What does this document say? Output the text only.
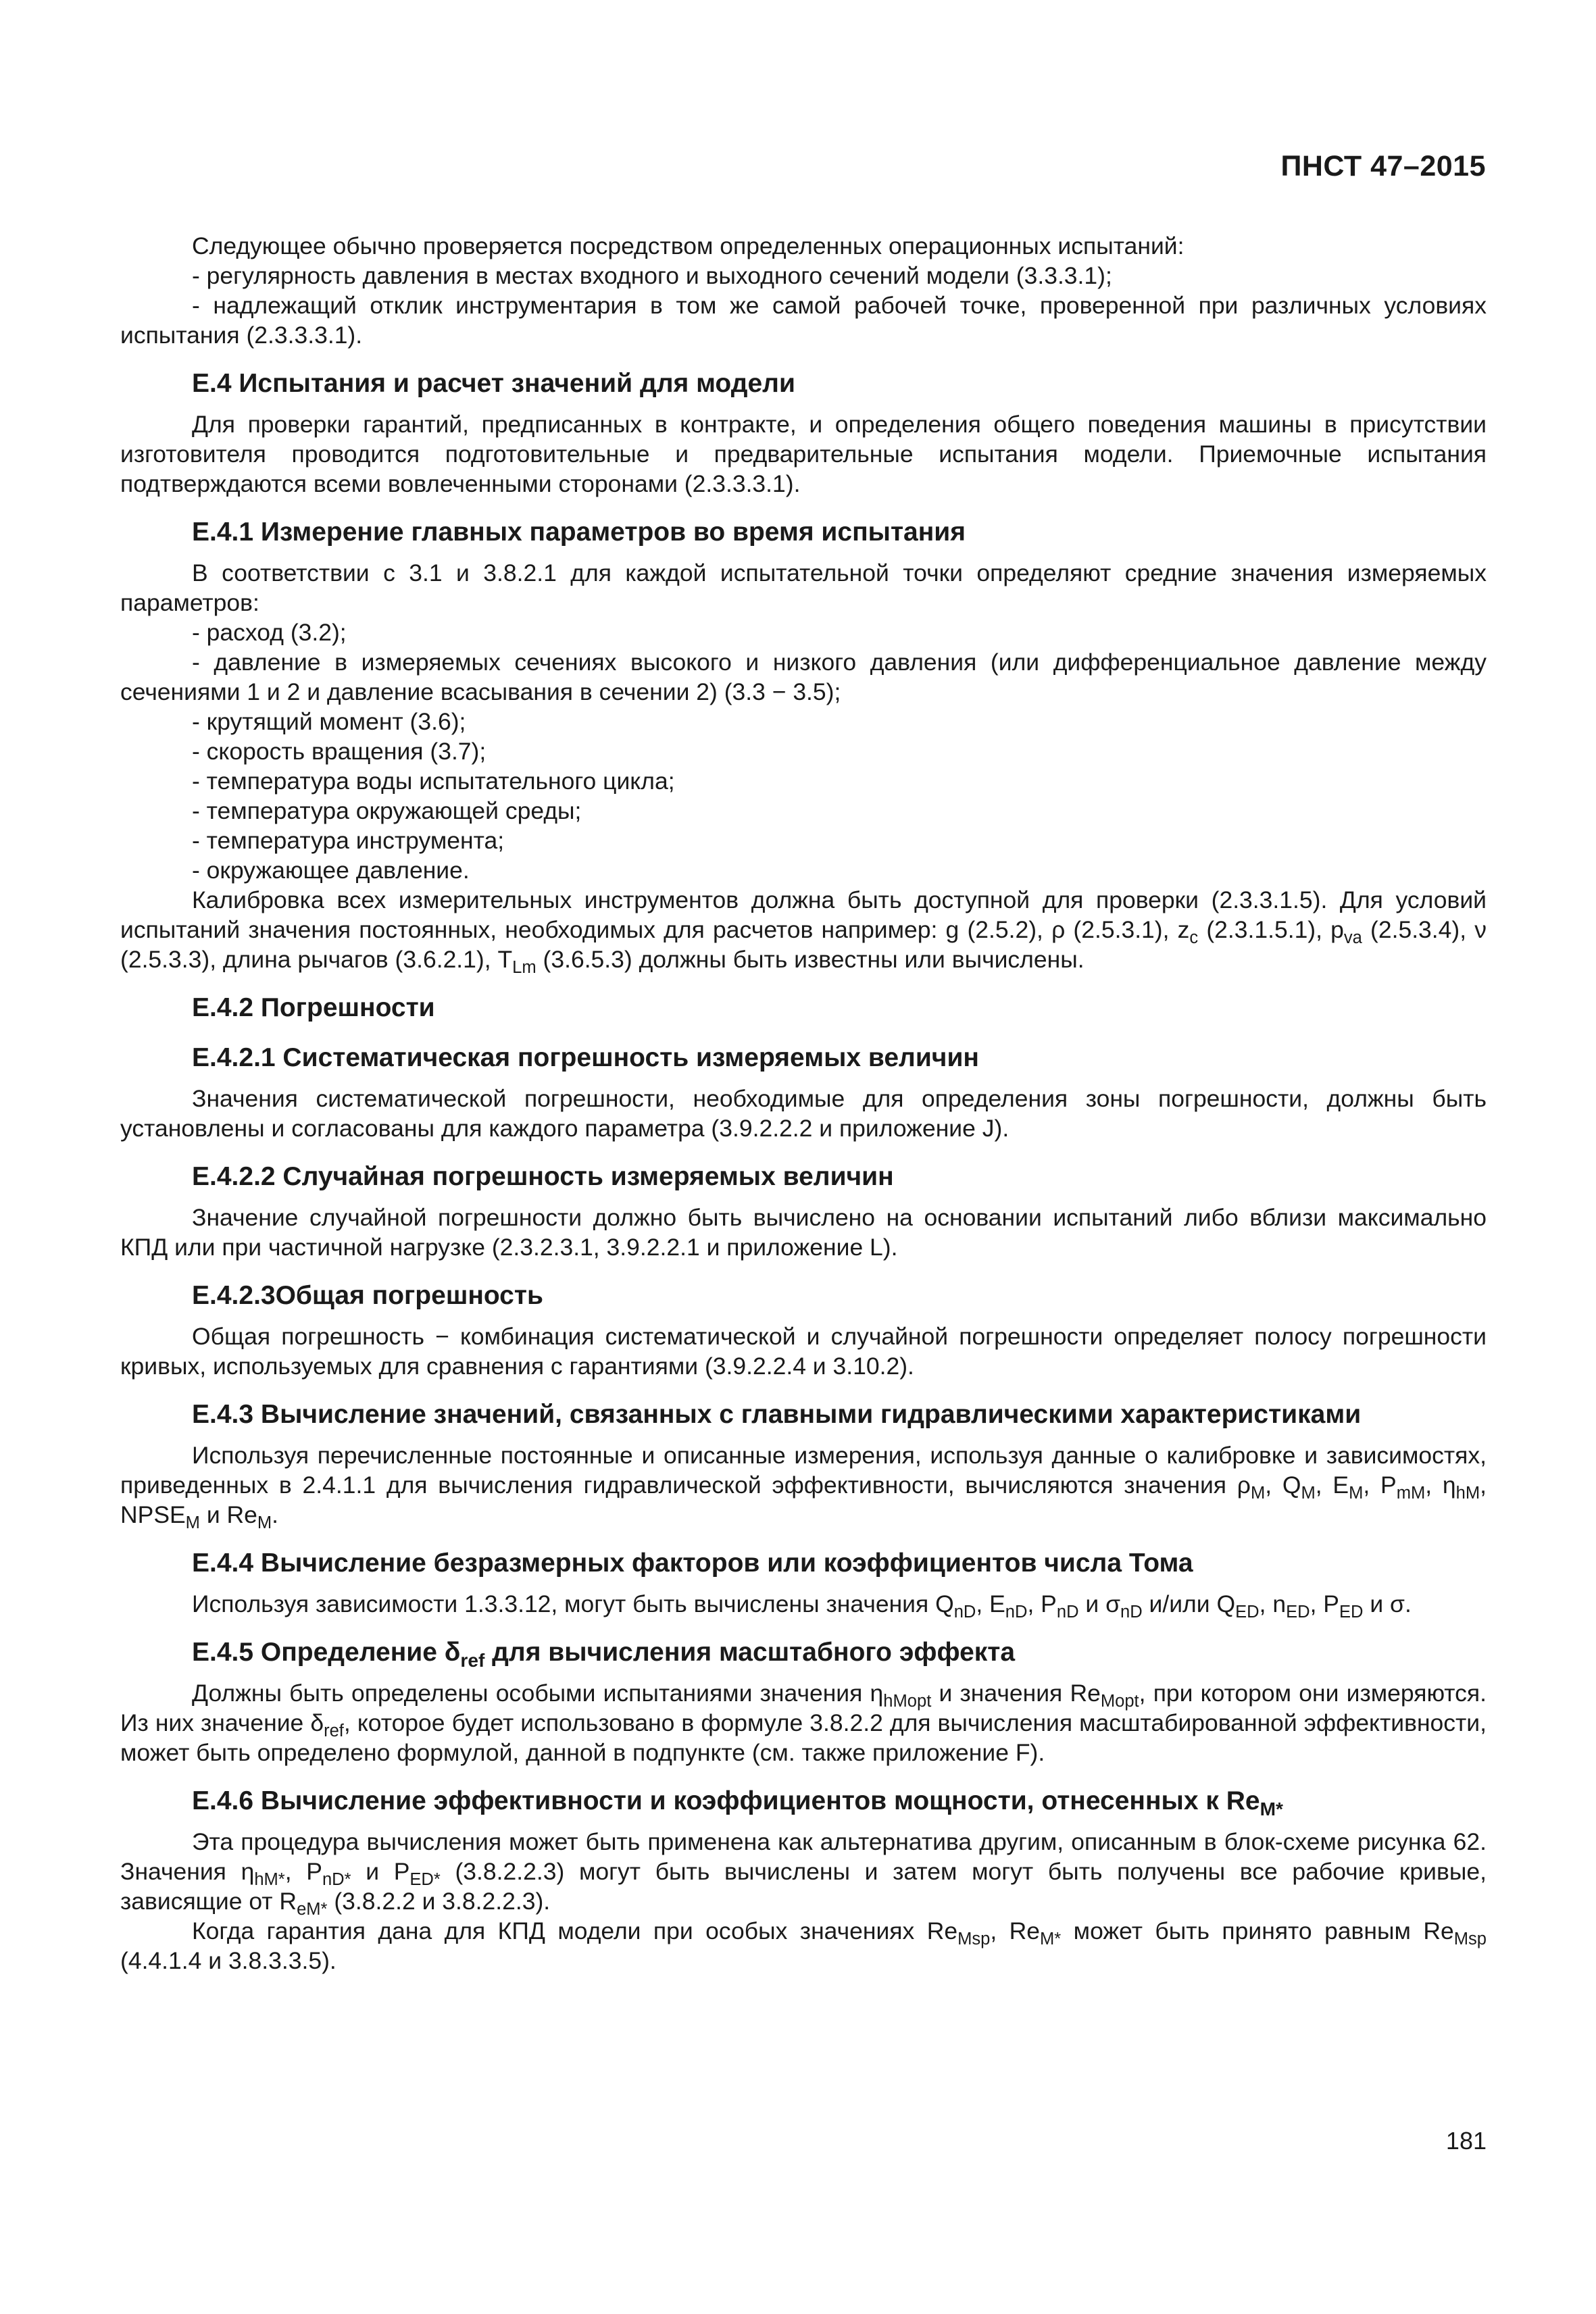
ПНСТ 47–2015

Следующее обычно проверяется посредством определенных операционных испытаний:

- регулярность давления в местах входного и выходного сечений модели (3.3.3.1);

- надлежащий отклик инструментария в том же самой рабочей точке, проверенной при различных условиях испытания (2.3.3.3.1).

Е.4 Испытания и расчет значений для модели

Для проверки гарантий, предписанных в контракте, и определения общего поведения машины в присутствии изготовителя проводится подготовительные и предварительные испытания модели. Приемочные испытания подтверждаются всеми вовлеченными сторонами (2.3.3.3.1).

Е.4.1 Измерение главных параметров во время испытания

В соответствии с 3.1 и 3.8.2.1 для каждой испытательной точки определяют средние значения измеряемых параметров:

- расход (3.2);

- давление в измеряемых сечениях высокого и низкого давления (или дифференциальное давление между сечениями 1 и 2 и давление всасывания в сечении 2) (3.3 − 3.5);

- крутящий момент (3.6);

- скорость вращения (3.7);

- температура воды испытательного цикла;

- температура окружающей среды;

- температура инструмента;

- окружающее давление.

Калибровка всех измерительных инструментов должна быть доступной для проверки (2.3.3.1.5). Для условий испытаний значения постоянных, необходимых для расчетов например: g (2.5.2), ρ (2.5.3.1), $z_c$ (2.3.1.5.1), $p_{va}$ (2.5.3.4), ν (2.5.3.3), длина рычагов (3.6.2.1), $T_{Lm}$ (3.6.5.3) должны быть известны или вычислены.

Е.4.2 Погрешности

Е.4.2.1 Систематическая погрешность измеряемых величин

Значения систематической погрешности, необходимые для определения зоны погрешности, должны быть установлены и согласованы для каждого параметра (3.9.2.2.2 и приложение J).

Е.4.2.2 Случайная погрешность измеряемых величин

Значение случайной погрешности должно быть вычислено на основании испытаний либо вблизи максимально КПД или при частичной нагрузке (2.3.2.3.1, 3.9.2.2.1 и приложение L).

Е.4.2.3Общая погрешность

Общая погрешность − комбинация систематической и случайной погрешности определяет полосу погрешности кривых, используемых для сравнения с гарантиями (3.9.2.2.4 и 3.10.2).

Е.4.3 Вычисление значений, связанных с главными гидравлическими характеристиками

Используя перечисленные постоянные и описанные измерения, используя данные о калибровке и зависимостях, приведенных в 2.4.1.1 для вычисления гидравлической эффективности, вычисляются значения $\rho_M$, $Q_M$, $E_M$, $P_{mM}$, $\eta_{hM}$, $NPSE_M$ и $Re_M$.

Е.4.4 Вычисление безразмерных факторов или коэффициентов числа Тома

Используя зависимости 1.3.3.12, могут быть вычислены значения $Q_{nD}$, $E_{nD}$, $P_{nD}$ и $\sigma_{nD}$ и/или $Q_{ED}$, $n_{ED}$, $P_{ED}$ и σ.

Е.4.5 Определение $\delta_{ref}$ для вычисления масштабного эффекта

Должны быть определены особыми испытаниями значения $\eta_{hMopt}$ и значения $Re_{Mopt}$, при котором они измеряются. Из них значение $\delta_{ref}$, которое будет использовано в формуле 3.8.2.2 для вычисления масштабированной эффективности, может быть определено формулой, данной в подпункте (см. также приложение F).

Е.4.6 Вычисление эффективности и коэффициентов мощности, отнесенных к $Re_{M*}$

Эта процедура вычисления может быть применена как альтернатива другим, описанным в блок-схеме рисунка 62. Значения $\eta_{hM*}$, $P_{nD*}$ и $P_{ED*}$ (3.8.2.2.3) могут быть вычислены и затем могут быть получены все рабочие кривые, зависящие от $R_{eM*}$ (3.8.2.2 и 3.8.2.2.3).

Когда гарантия дана для КПД модели при особых значениях $Re_{Msp}$, $Re_{M*}$ может быть принято равным $Re_{Msp}$ (4.4.1.4 и 3.8.3.3.5).

181
